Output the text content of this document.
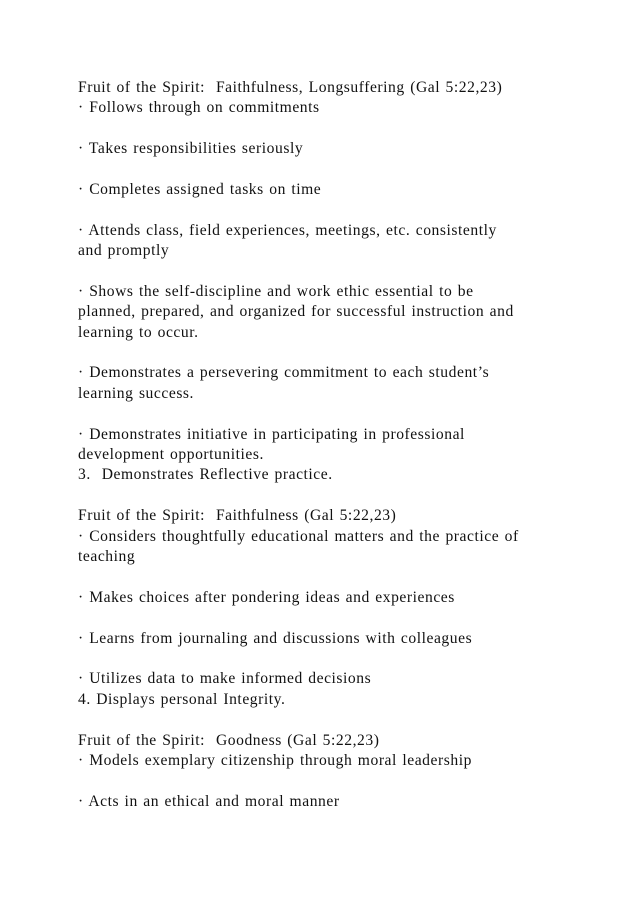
Fruit of the Spirit:  Faithfulness, Longsuffering (Gal 5:22,23)
· Follows through on commitments
· Takes responsibilities seriously
· Completes assigned tasks on time
· Attends class, field experiences, meetings, etc. consistently
and promptly
· Shows the self-discipline and work ethic essential to be
planned, prepared, and organized for successful instruction and
learning to occur.
· Demonstrates a persevering commitment to each student’s
learning success.
· Demonstrates initiative in participating in professional
development opportunities.
3.  Demonstrates Reflective practice.
Fruit of the Spirit:  Faithfulness (Gal 5:22,23)
· Considers thoughtfully educational matters and the practice of
teaching
· Makes choices after pondering ideas and experiences
· Learns from journaling and discussions with colleagues
· Utilizes data to make informed decisions
4. Displays personal Integrity.
Fruit of the Spirit:  Goodness (Gal 5:22,23)
· Models exemplary citizenship through moral leadership
· Acts in an ethical and moral manner
